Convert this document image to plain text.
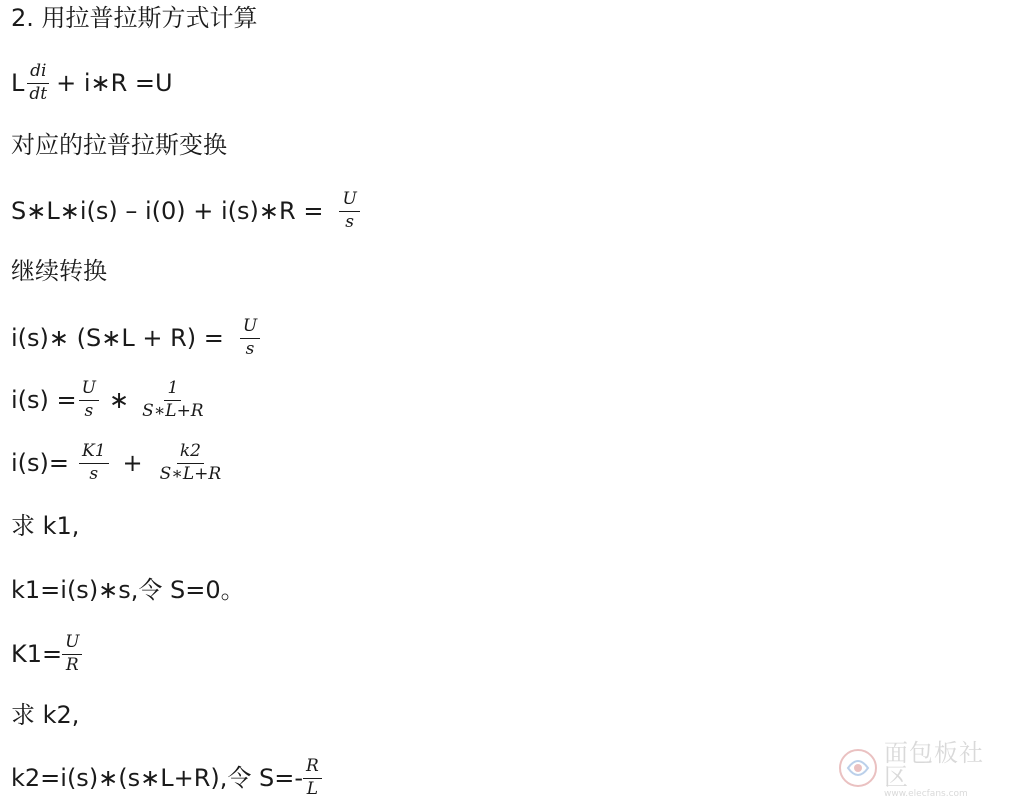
2. 用拉普拉斯方式计算
L $\frac{di}{dt}$ + i∗R =U
对应的拉普拉斯变换
S∗L∗i(s) – i(0) + i(s)∗R = $\frac{U}{s}$
继续转换
i(s)∗ (S∗L + $R) = \frac{U}{s}$
$i(s) = \frac{U}{s}$ ∗ $\frac{1}{S∗L+R}$
$i(s)= \frac{K1}{s} + \frac{k2}{S∗L+R}$
求 k1,
k1=i(s)∗s,令 S=0。
$K1= \frac{U}{R}$
求 k2,
k2=i(s)∗(s∗L+R),令 $S=- \frac{R}{L}$
面包板社区
www.elecfans.com
